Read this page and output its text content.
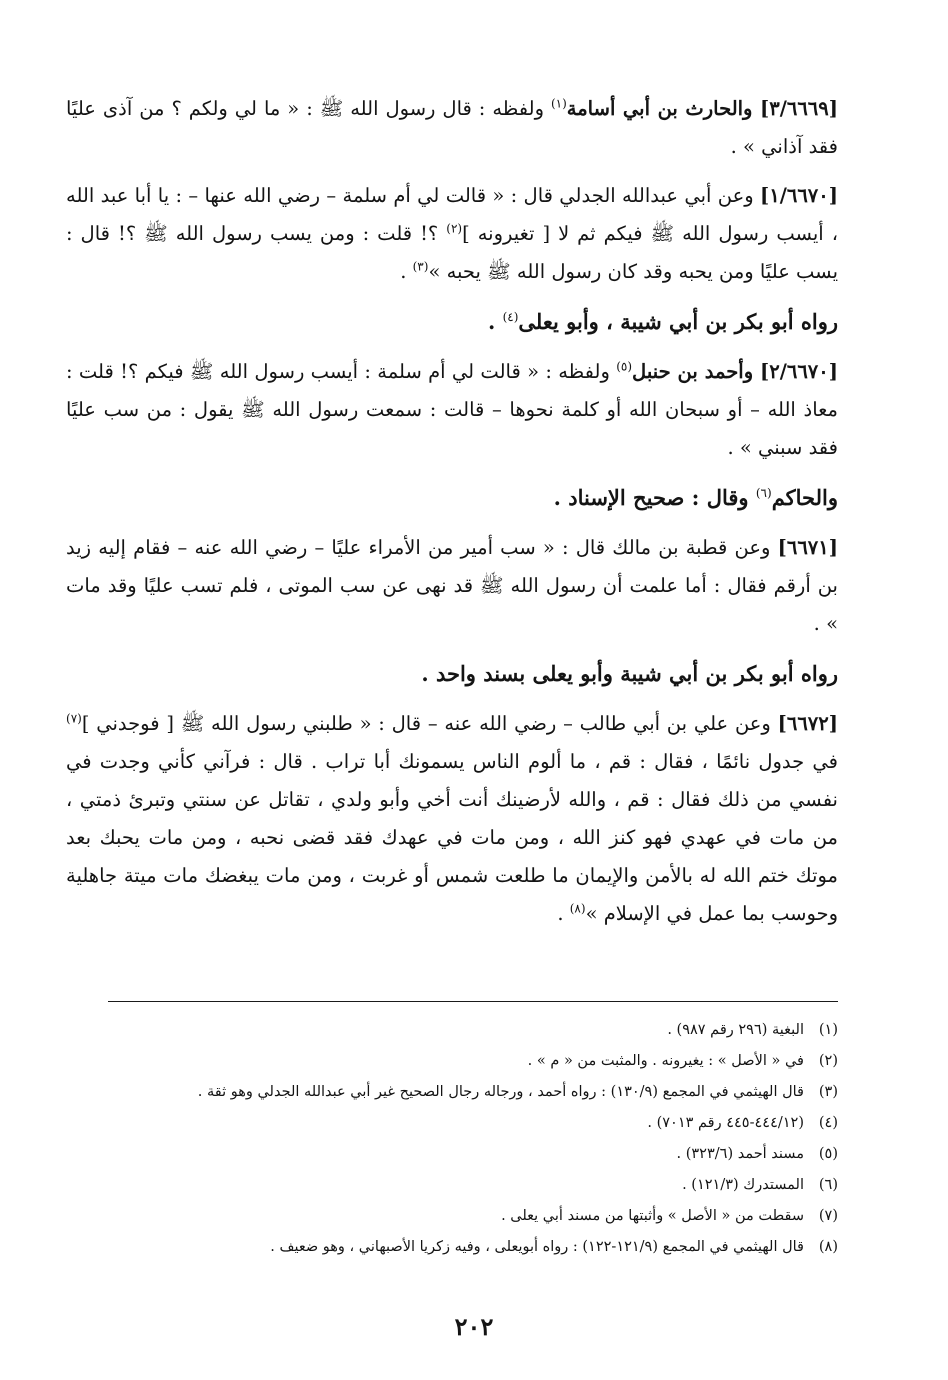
[٣/٦٦٦٩] والحارث بن أبي أسامة$^{(١)}$ ولفظه : قال رسول الله ﷺ : « ما لي ولكم ؟ من آذى عليًا فقد آذاني » .

[١/٦٦٧٠] وعن أبي عبدالله الجدلي قال : « قالت لي أم سلمة – رضي الله عنها – : يا أبا عبد الله ، أيسب رسول الله ﷺ فيكم ثم لا [ تغيرونه ]$^{(٢)}$ ؟! قلت : ومن يسب رسول الله ﷺ ؟! قال : يسب عليًا ومن يحبه وقد كان رسول الله ﷺ يحبه »$^{(٣)}$ .

رواه أبو بكر بن أبي شيبة ، وأبو يعلى$^{(٤)}$ .

[٢/٦٦٧٠] وأحمد بن حنبل$^{(٥)}$ ولفظه : « قالت لي أم سلمة : أيسب رسول الله ﷺ فيكم ؟! قلت : معاذ الله – أو سبحان الله أو كلمة نحوها – قالت : سمعت رسول الله ﷺ يقول : من سب عليًا فقد سبني » .

والحاكم$^{(٦)}$ وقال : صحيح الإسناد .

[٦٦٧١] وعن قطبة بن مالك قال : « سب أمير من الأمراء عليًا – رضي الله عنه – فقام إليه زيد بن أرقم فقال : أما علمت أن رسول الله ﷺ قد نهى عن سب الموتى ، فلم تسب عليًا وقد مات » .

رواه أبو بكر بن أبي شيبة وأبو يعلى بسند واحد .

[٦٦٧٢] وعن علي بن أبي طالب – رضي الله عنه – قال : « طلبني رسول الله ﷺ [ فوجدني ]$^{(٧)}$ في جدول نائمًا ، فقال : قم ، ما ألوم الناس يسمونك أبا تراب . قال : فرآني كأني وجدت في نفسي من ذلك فقال : قم ، والله لأرضينك أنت أخي وأبو ولدي ، تقاتل عن سنتي وتبرئ ذمتي ، من مات في عهدي فهو كنز الله ، ومن مات في عهدك فقد قضى نحبه ، ومن مات يحبك بعد موتك ختم الله له بالأمن والإيمان ما طلعت شمس أو غربت ، ومن مات يبغضك مات ميتة جاهلية وحوسب بما عمل في الإسلام »$^{(٨)}$ .

(١)البغية (٢٩٦ رقم ٩٨٧) .
(٢)في « الأصل » : يغيرونه . والمثبت من « م » .
(٣)قال الهيثمي في المجمع (١٣٠/٩) : رواه أحمد ، ورجاله رجال الصحيح غير أبي عبدالله الجدلي وهو ثقة .
(٤)(٤٤٤/١٢-٤٤٥ رقم ٧٠١٣) .
(٥)مسند أحمد (٣٢٣/٦) .
(٦)المستدرك (١٢١/٣) .
(٧)سقطت من « الأصل » وأثبتها من مسند أبي يعلى .
(٨)قال الهيثمي في المجمع (١٢١/٩-١٢٢) : رواه أبويعلى ، وفيه زكريا الأصبهاني ، وهو ضعيف .
٢٠٢
